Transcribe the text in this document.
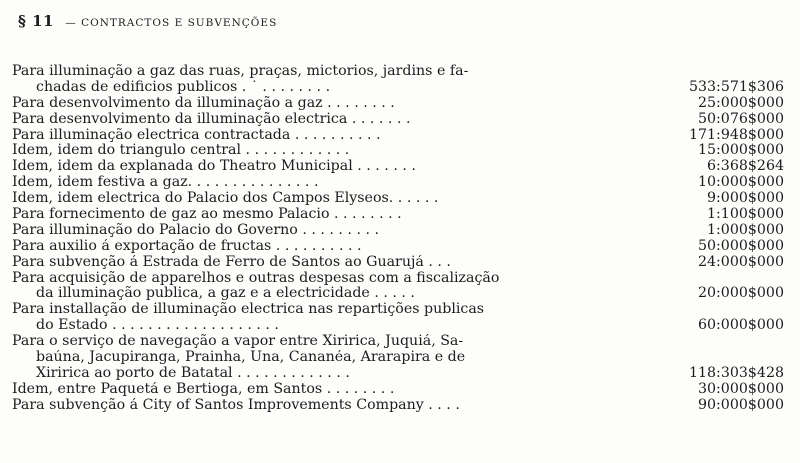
§ 11 — CONTRACTOS E SUBVENÇÕES
Para illuminação a gaz das ruas, praças, mictorios, jardins e fa-
chadas de edificios publicos . ˙ . . . . . . . .	533:571$306
Para desenvolvimento da illuminação a gaz . . . . . . . .	25:000$000
Para desenvolvimento da illuminação electrica . . . . . . .	50:076$000
Para illuminação electrica contractada . . . . . . . . . .	171:948$000
Idem, idem do triangulo central . . . . . . . . . . . .	15:000$000
Idem, idem da explanada do Theatro Municipal . . . . . . .	6:368$264
Idem, idem festiva a gaz. . . . . . . . . . . . . . .	10:000$000
Idem, idem electrica do Palacio dos Campos Elyseos. . . . . .	9:000$000
Para fornecimento de gaz ao mesmo Palacio . . . . . . . .	1:100$000
Para illuminação do Palacio do Governo . . . . . . . . .	1:000$000
Para auxilio á exportação de fructas . . . . . . . . . .	50:000$000
Para subvenção á Estrada de Ferro de Santos ao Guarujá . . .	24:000$000
Para acquisição de apparelhos e outras despesas com a fiscalização
da illuminação publica, a gaz e a electricidade . . . . .	20:000$000
Para installação de illuminação electrica nas repartições publicas
do Estado . . . . . . . . . . . . . . . . . . .	60:000$000
Para o serviço de navegação a vapor entre Xiririca, Juquiá, Sa-
baúna, Jacupiranga, Prainha, Una, Cananéa, Ararapira e de
Xiririca ao porto de Batatal . . . . . . . . . . . . .	118:303$428
Idem, entre Paquetá e Bertioga, em Santos . . . . . . . .	30:000$000
Para subvenção á City of Santos Improvements Company . . . .	90:000$000
